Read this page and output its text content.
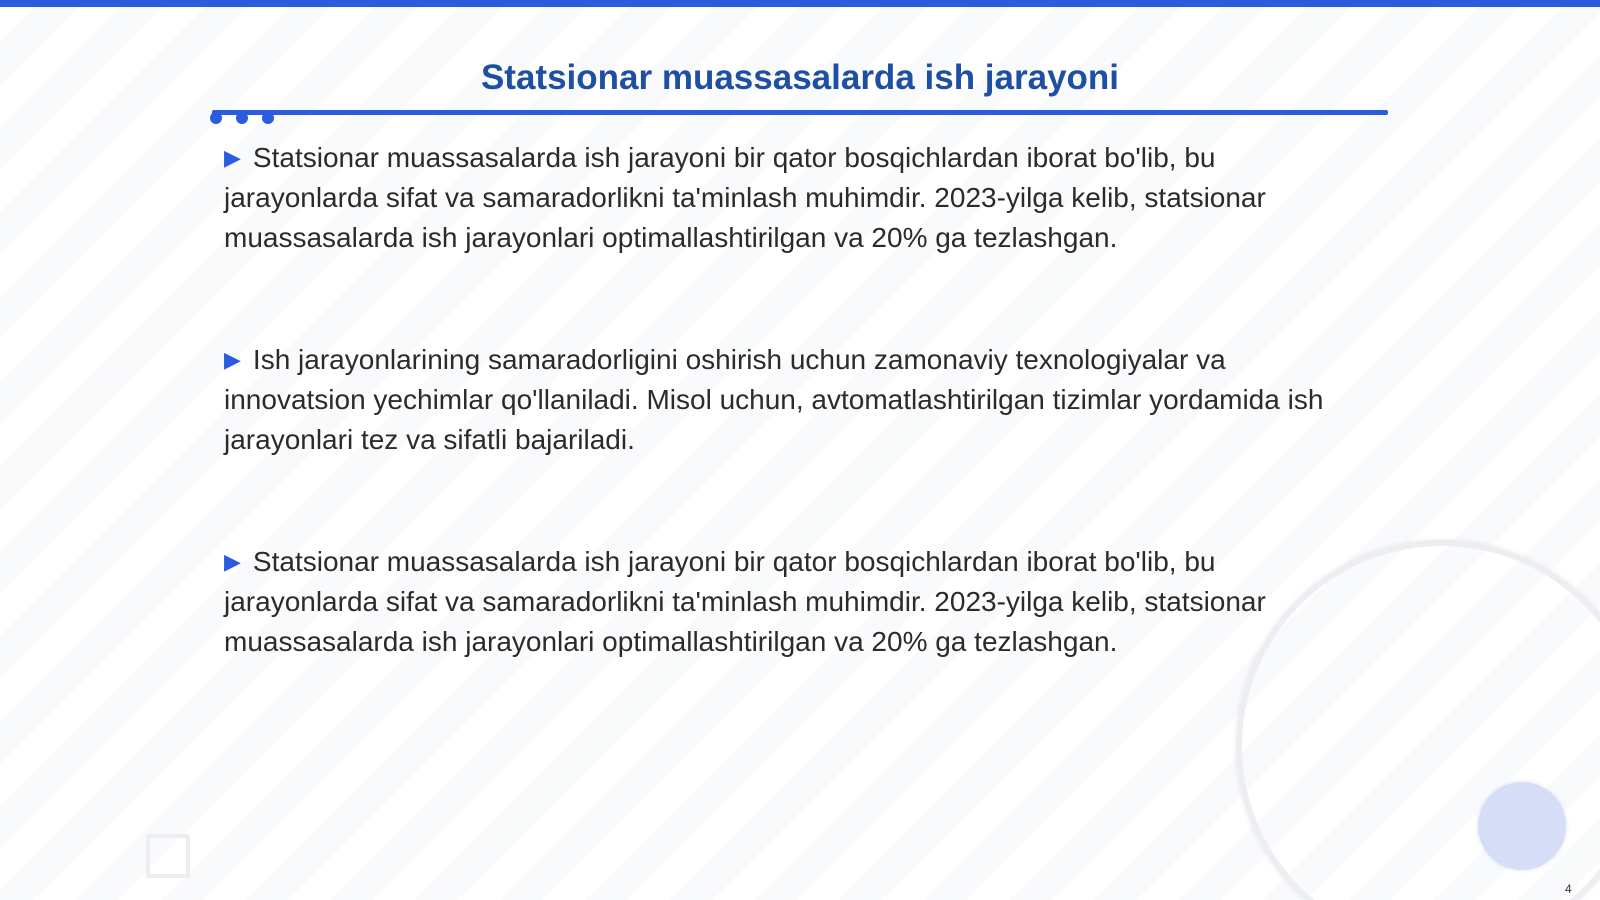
Statsionar muassasalarda ish jarayoni

▶ Statsionar muassasalarda ish jarayoni bir qator bosqichlardan iborat bo'lib, bu jarayonlarda sifat va samaradorlikni ta'minlash muhimdir. 2023-yilga kelib, statsionar muassasalarda ish jarayonlari optimallashtirilgan va 20% ga tezlashgan.

▶ Ish jarayonlarining samaradorligini oshirish uchun zamonaviy texnologiyalar va innovatsion yechimlar qo'llaniladi. Misol uchun, avtomatlashtirilgan tizimlar yordamida ish jarayonlari tez va sifatli bajariladi.

▶ Statsionar muassasalarda ish jarayoni bir qator bosqichlardan iborat bo'lib, bu jarayonlarda sifat va samaradorlikni ta'minlash muhimdir. 2023-yilga kelib, statsionar muassasalarda ish jarayonlari optimallashtirilgan va 20% ga tezlashgan.

4
